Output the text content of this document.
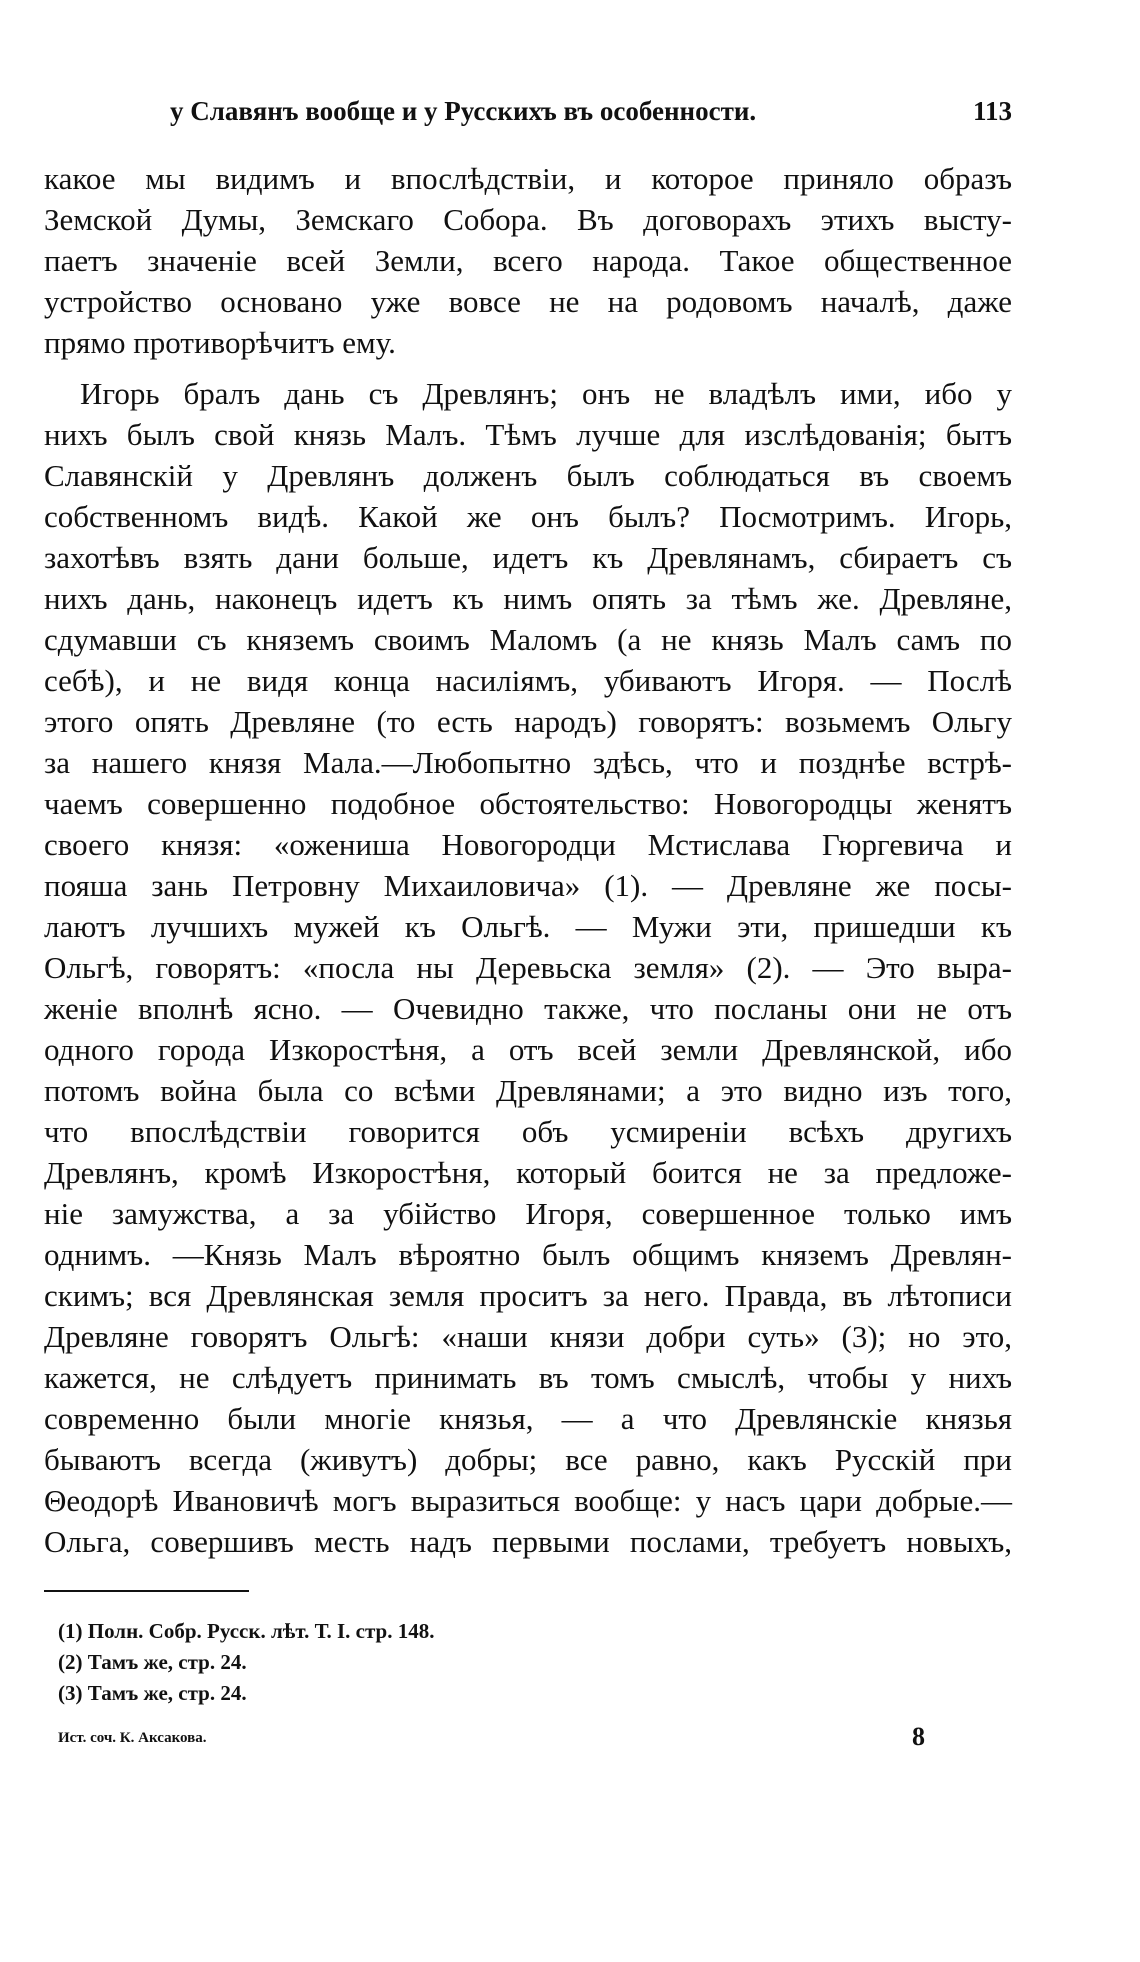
у Славянъ вообще и у Русскихъ въ особенности.	113
какое мы видимъ и впослѣдствіи, и которое приняло образъ
Земской Думы, Земскаго Собора. Въ договорахъ этихъ высту-
паетъ значеніе всей Земли, всего народа. Такое общественное
устройство основано уже вовсе не на родовомъ началѣ, даже
прямо противорѣчитъ ему.
Игорь бралъ дань съ Древлянъ; онъ не владѣлъ ими, ибо у
нихъ былъ свой князь Малъ. Тѣмъ лучше для изслѣдованія; бытъ
Славянскій у Древлянъ долженъ былъ соблюдаться въ своемъ
собственномъ видѣ. Какой же онъ былъ? Посмотримъ. Игорь,
захотѣвъ взять дани больше, идетъ къ Древлянамъ, сбираетъ съ
нихъ дань, наконецъ идетъ къ нимъ опять за тѣмъ же. Древляне,
сдумавши съ княземъ своимъ Маломъ (а не князь Малъ самъ по
себѣ), и не видя конца насиліямъ, убиваютъ Игоря. — Послѣ
этого опять Древляне (то есть народъ) говорятъ: возьмемъ Ольгу
за нашего князя Мала.—Любопытно здѣсь, что и позднѣе встрѣ-
чаемъ совершенно подобное обстоятельство: Новогородцы женятъ
своего князя: «оженишa Новогородци Мстислава Гюргевича и
пояша зань Петровну Михаиловича» (1). — Древляне же посы-
лаютъ лучшихъ мужей къ Ольгѣ. — Мужи эти, пришедши къ
Ольгѣ, говорятъ: «посла ны Деревьска земля» (2). — Это выра-
женіе вполнѣ ясно. — Очевидно также, что посланы они не отъ
одного города Изкоростѣня, а отъ всей земли Древлянской, ибо
потомъ война была со всѣми Древлянами; а это видно изъ того,
что впослѣдствіи говорится объ усмиреніи всѣхъ другихъ
Древлянъ, кромѣ Изкоростѣня, который боится не за предложе-
ніе замужства, а за убійство Игоря, совершенное только имъ
однимъ. —Князь Малъ вѣроятно былъ общимъ княземъ Древлян-
скимъ; вся Древлянская земля проситъ за него. Правда, въ лѣтописи
Древляне говорятъ Ольгѣ: «наши князи добри суть» (3); но это,
кажется, не слѣдуетъ принимать въ томъ смыслѣ, чтобы у нихъ
современно были многіе князья, — а что Древлянскіе князья
бываютъ всегда (живутъ) добры; все равно, какъ Русскій при
Θеодорѣ Ивановичѣ могъ выразиться вообще: у насъ цари добрые.—
Ольга, совершивъ месть надъ первыми послами, требуетъ новыхъ,
(1) Полн. Собр. Русск. лѣт. Т. I. стр. 148.
(2) Тамъ же, стр. 24.
(3) Тамъ же, стр. 24.
Ист. соч. К. Аксакова.	8
